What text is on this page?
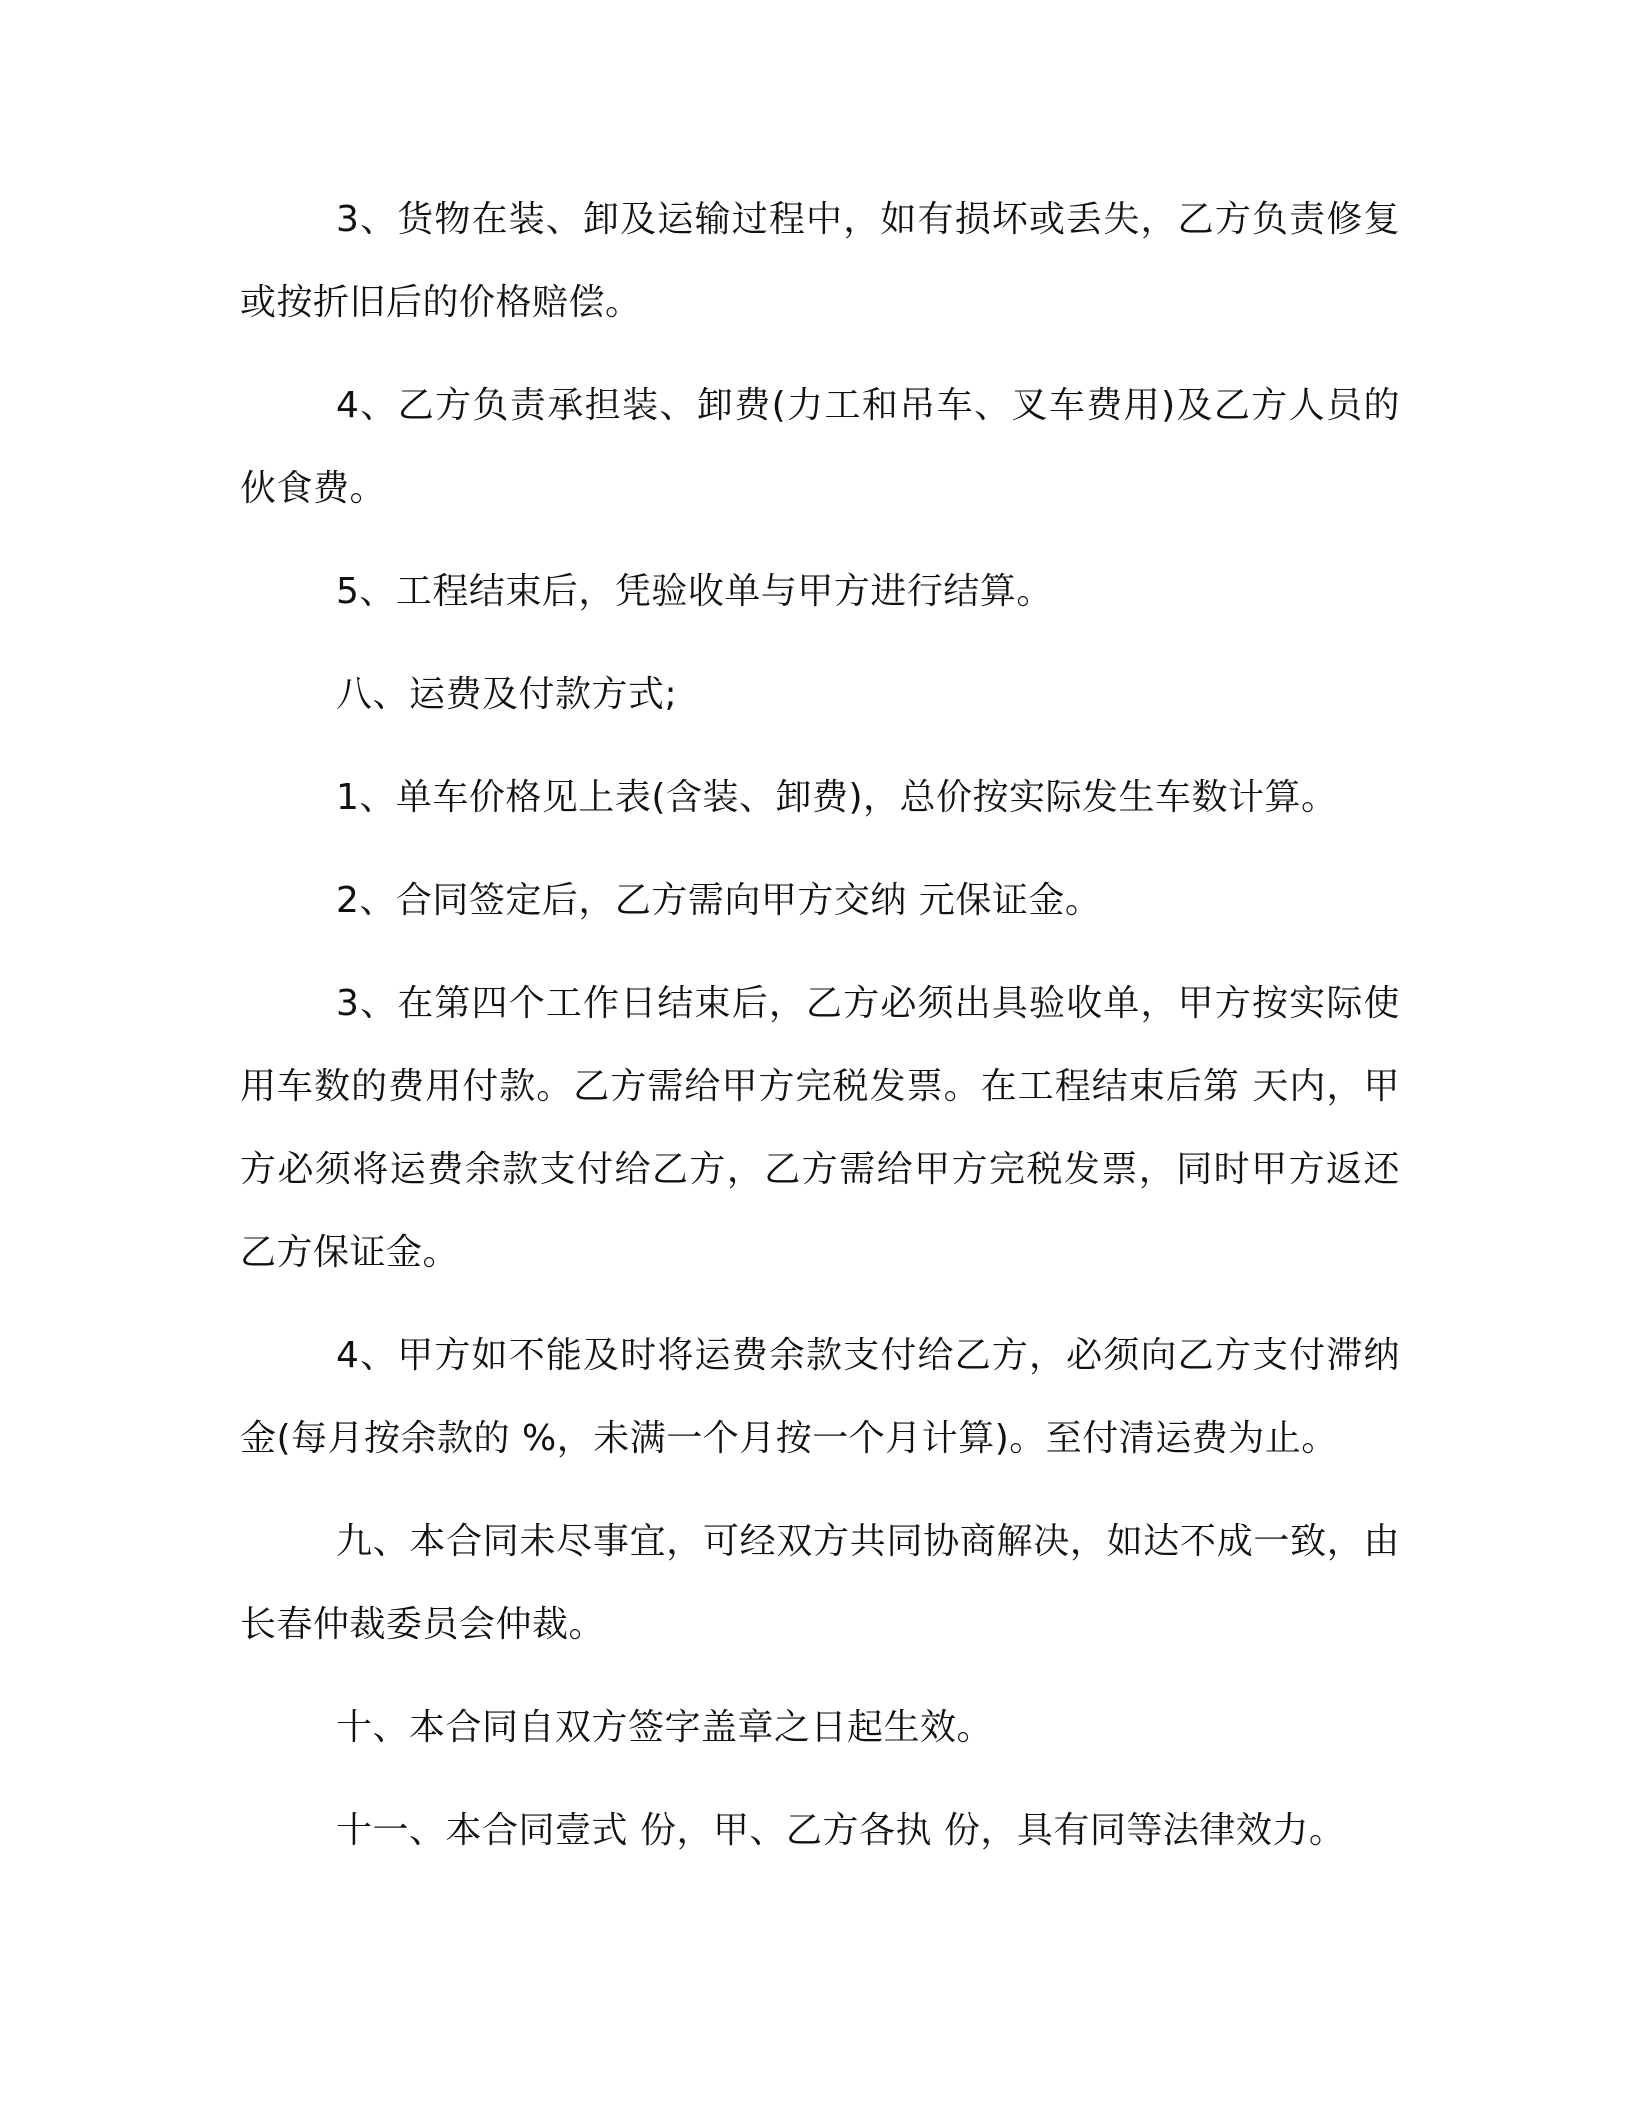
3、货物在装、卸及运输过程中，如有损坏或丢失，乙方负责修复或按折旧后的价格赔偿。

4、乙方负责承担装、卸费(力工和吊车、叉车费用)及乙方人员的伙食费。

5、工程结束后，凭验收单与甲方进行结算。

八、运费及付款方式;

1、单车价格见上表(含装、卸费)，总价按实际发生车数计算。

2、合同签定后，乙方需向甲方交纳 元保证金。

3、在第四个工作日结束后，乙方必须出具验收单，甲方按实际使用车数的费用付款。乙方需给甲方完税发票。在工程结束后第 天内，甲方必须将运费余款支付给乙方，乙方需给甲方完税发票，同时甲方返还乙方保证金。

4、甲方如不能及时将运费余款支付给乙方，必须向乙方支付滞纳金(每月按余款的 %，未满一个月按一个月计算)。至付清运费为止。

九、本合同未尽事宜，可经双方共同协商解决，如达不成一致，由长春仲裁委员会仲裁。

十、本合同自双方签字盖章之日起生效。

十一、本合同壹式 份，甲、乙方各执 份，具有同等法律效力。
